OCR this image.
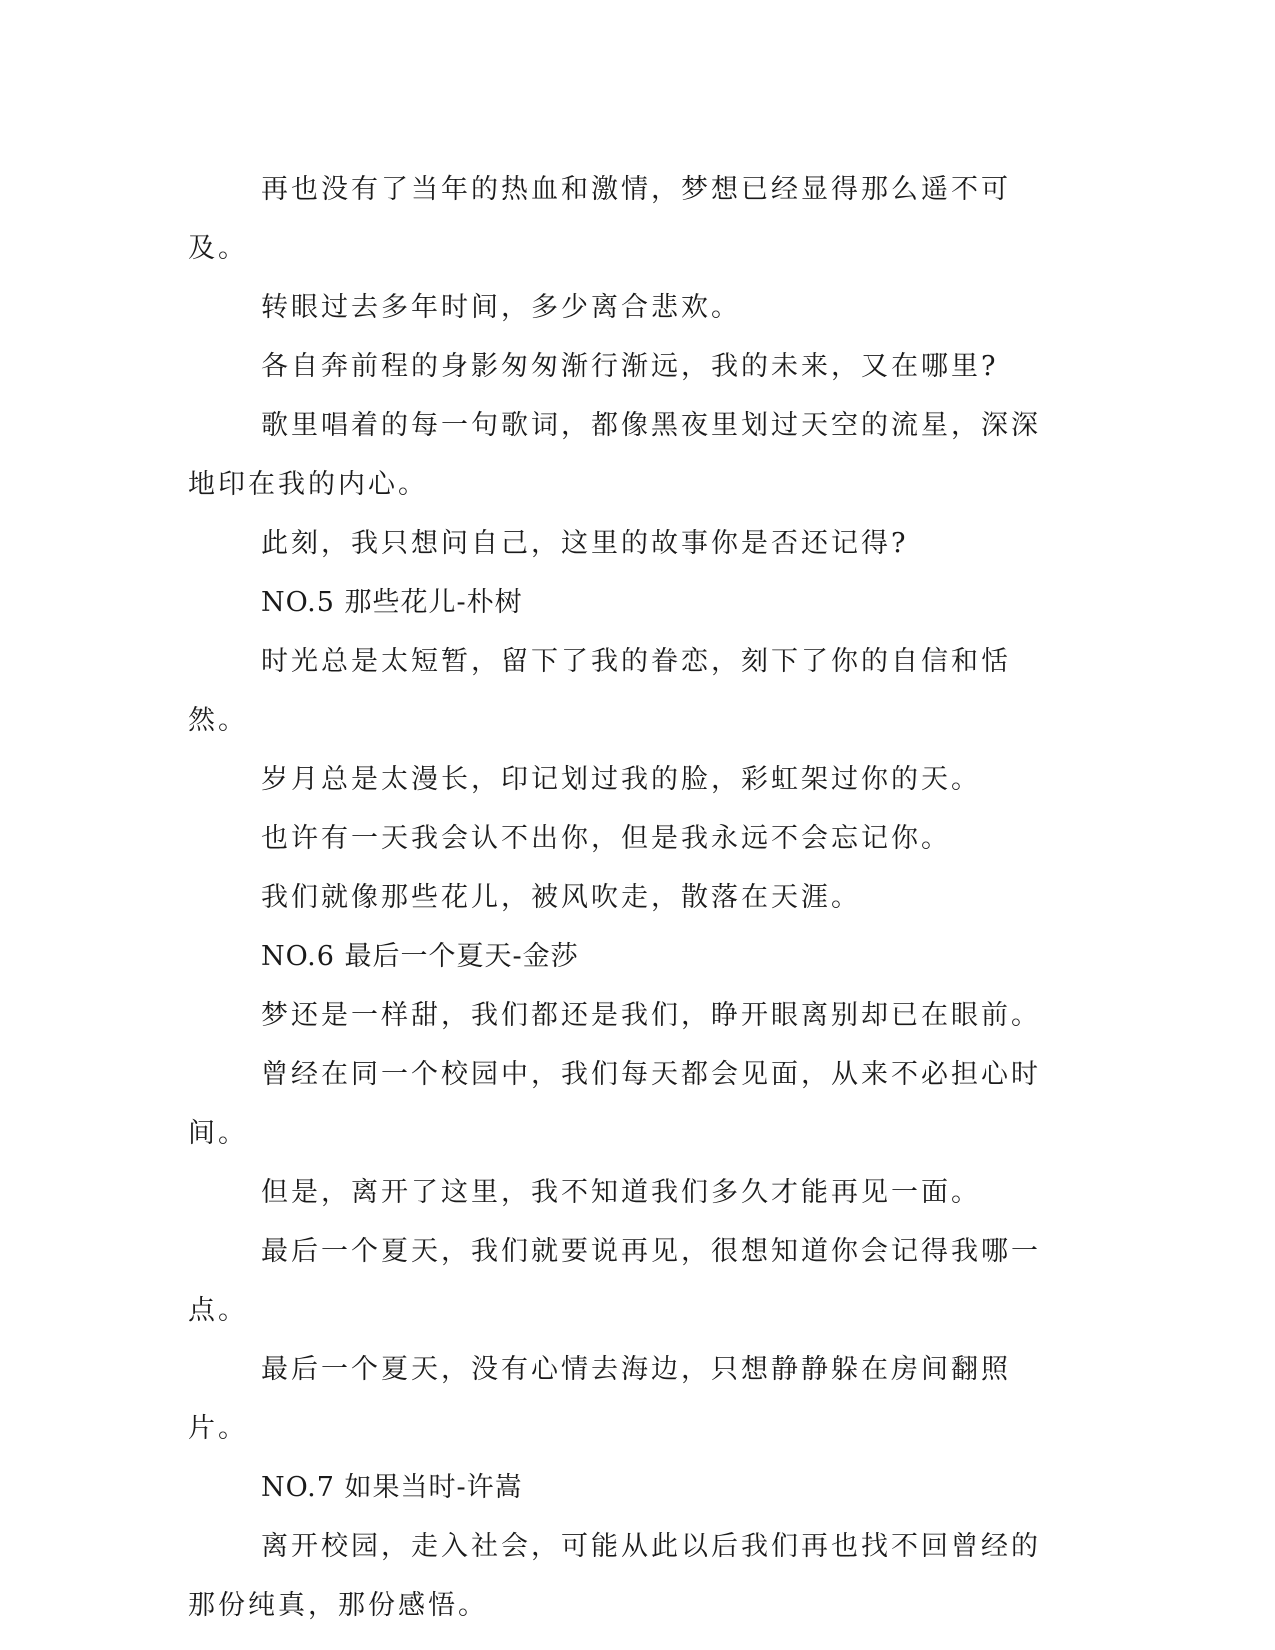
再也没有了当年的热血和激情，梦想已经显得那么遥不可及。

转眼过去多年时间，多少离合悲欢。

各自奔前程的身影匆匆渐行渐远，我的未来，又在哪里?

歌里唱着的每一句歌词，都像黑夜里划过天空的流星，深深地印在我的内心。

此刻，我只想问自己，这里的故事你是否还记得?

NO.5 那些花儿-朴树

时光总是太短暂，留下了我的眷恋，刻下了你的自信和恬然。

岁月总是太漫长，印记划过我的脸，彩虹架过你的天。

也许有一天我会认不出你，但是我永远不会忘记你。

我们就像那些花儿，被风吹走，散落在天涯。

NO.6 最后一个夏天-金莎

梦还是一样甜，我们都还是我们，睁开眼离别却已在眼前。

曾经在同一个校园中，我们每天都会见面，从来不必担心时间。

但是，离开了这里，我不知道我们多久才能再见一面。

最后一个夏天，我们就要说再见，很想知道你会记得我哪一点。

最后一个夏天，没有心情去海边，只想静静躲在房间翻照片。

NO.7 如果当时-许嵩

离开校园，走入社会，可能从此以后我们再也找不回曾经的那份纯真，那份感悟。
